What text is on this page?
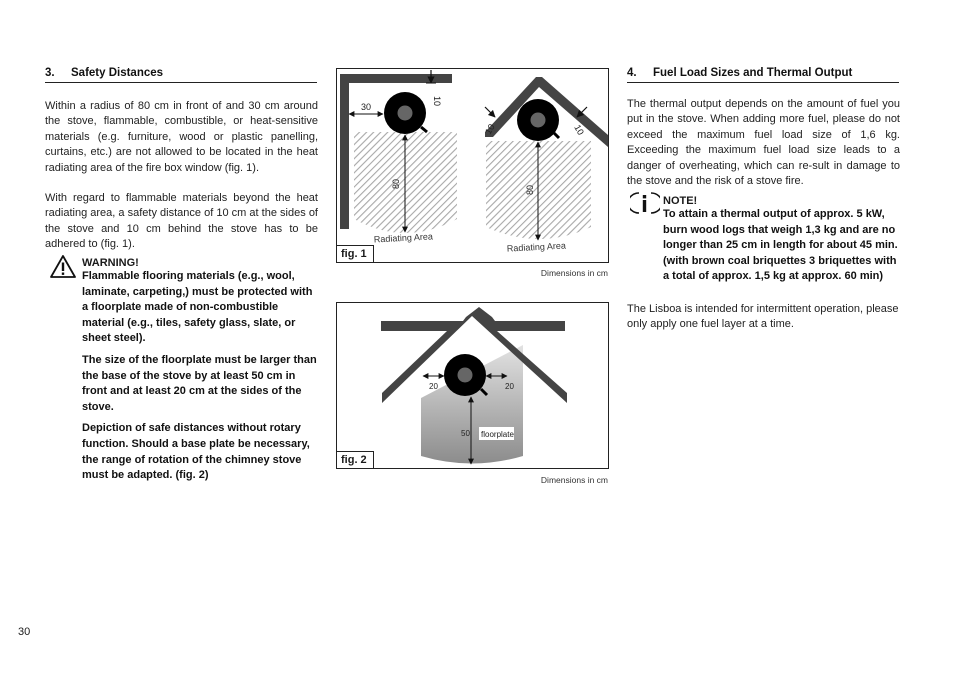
3. Safety Distances

Within a radius of 80 cm in front of and 30 cm around the stove, flammable, combustible, or heat-sensitive materials (e.g. furniture, wood or plastic panelling, curtains, etc.) are not allowed to be located in the heat radiating area of the fire box window (fig. 1).

With regard to flammable materials beyond the heat radiating area, a safety distance of 10 cm at the sides of the stove and 10 cm behind the stove has to be adhered to (fig. 1).

WARNING!

Flammable flooring materials (e.g., wool, laminate, carpeting,) must be protected with a floorplate made of non-combustible material (e.g., tiles, safety glass, slate, or sheet steel).

The size of the floorplate must be larger than the base of the stove by at least 50 cm in front and at least 20 cm at the sides of the stove.

Depiction of safe distances without rotary function. Should a base plate be necessary, the range of rotation of the chimney stove must be adapted. (fig. 2)

30
30
10
80
Radiating Area
10	10
80
Radiating Area
fig. 1
Dimensions in cm
20	20
50 floorplate
fig. 2
Dimensions in cm
4. Fuel Load Sizes and Thermal Output

The thermal output depends on the amount of fuel you put in the stove. When adding more fuel, please do not exceed the maximum fuel load size of 1,6 kg. Exceeding the maximum fuel load size leads to a danger of overheating, which can re-sult in damage to the stove and the risk of a stove fire.

NOTE!

To attain a thermal output of approx. 5 kW, burn wood logs that weigh 1,3 kg and are no longer than 25 cm in length for about 45 min. (with brown coal briquettes 3 briquettes with a total of approx. 1,5 kg at approx. 60 min)

The Lisboa is intended for intermittent operation, please only apply one fuel layer at a time.
